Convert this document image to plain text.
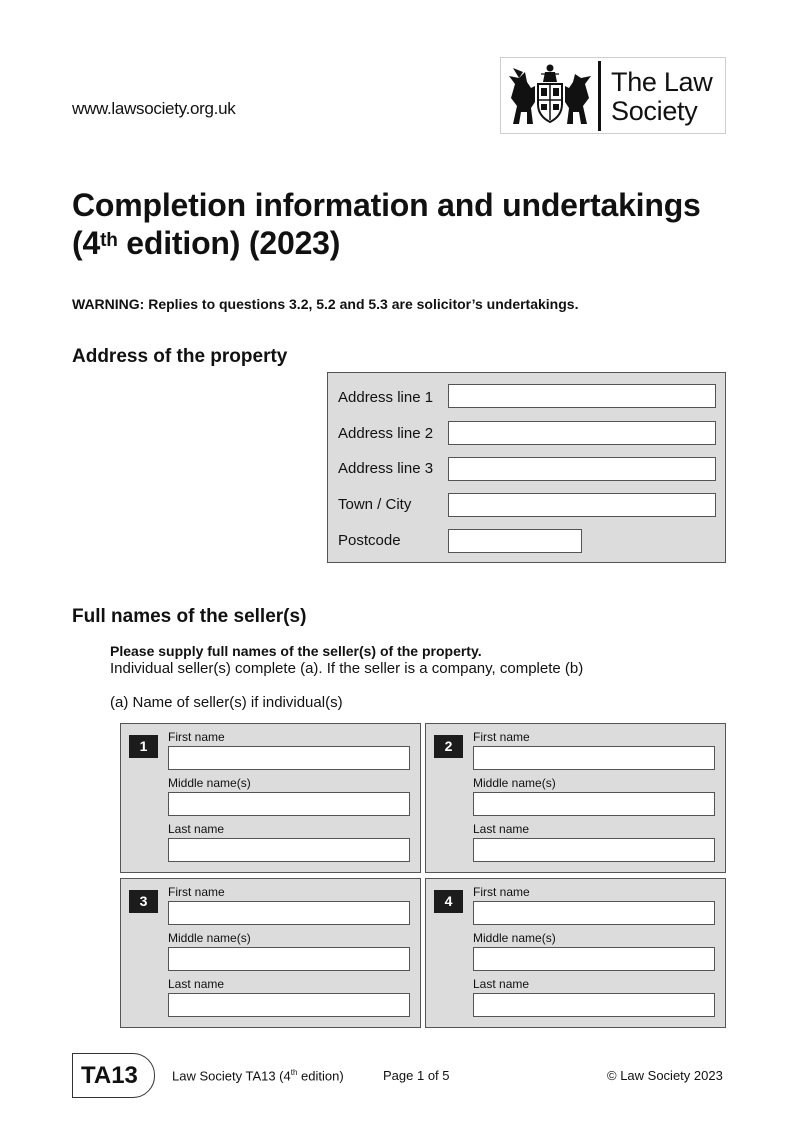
www.lawsociety.org.uk
The Law
Society
Completion information and undertakings
(4th edition) (2023)
WARNING: Replies to questions 3.2, 5.2 and 5.3 are solicitor’s undertakings.
Address of the property
Address line 1
Address line 2
Address line 3
Town / City
Postcode
Full names of the seller(s)
Please supply full names of the seller(s) of the property.
Individual seller(s) complete (a). If the seller is a company, complete (b)
(a) Name of seller(s) if individual(s)
1
First name
Middle name(s)
Last name
2
First name
Middle name(s)
Last name
3
First name
Middle name(s)
Last name
4
First name
Middle name(s)
Last name
TA13	Law Society TA13 (4th edition)	Page 1 of 5	© Law Society 2023
